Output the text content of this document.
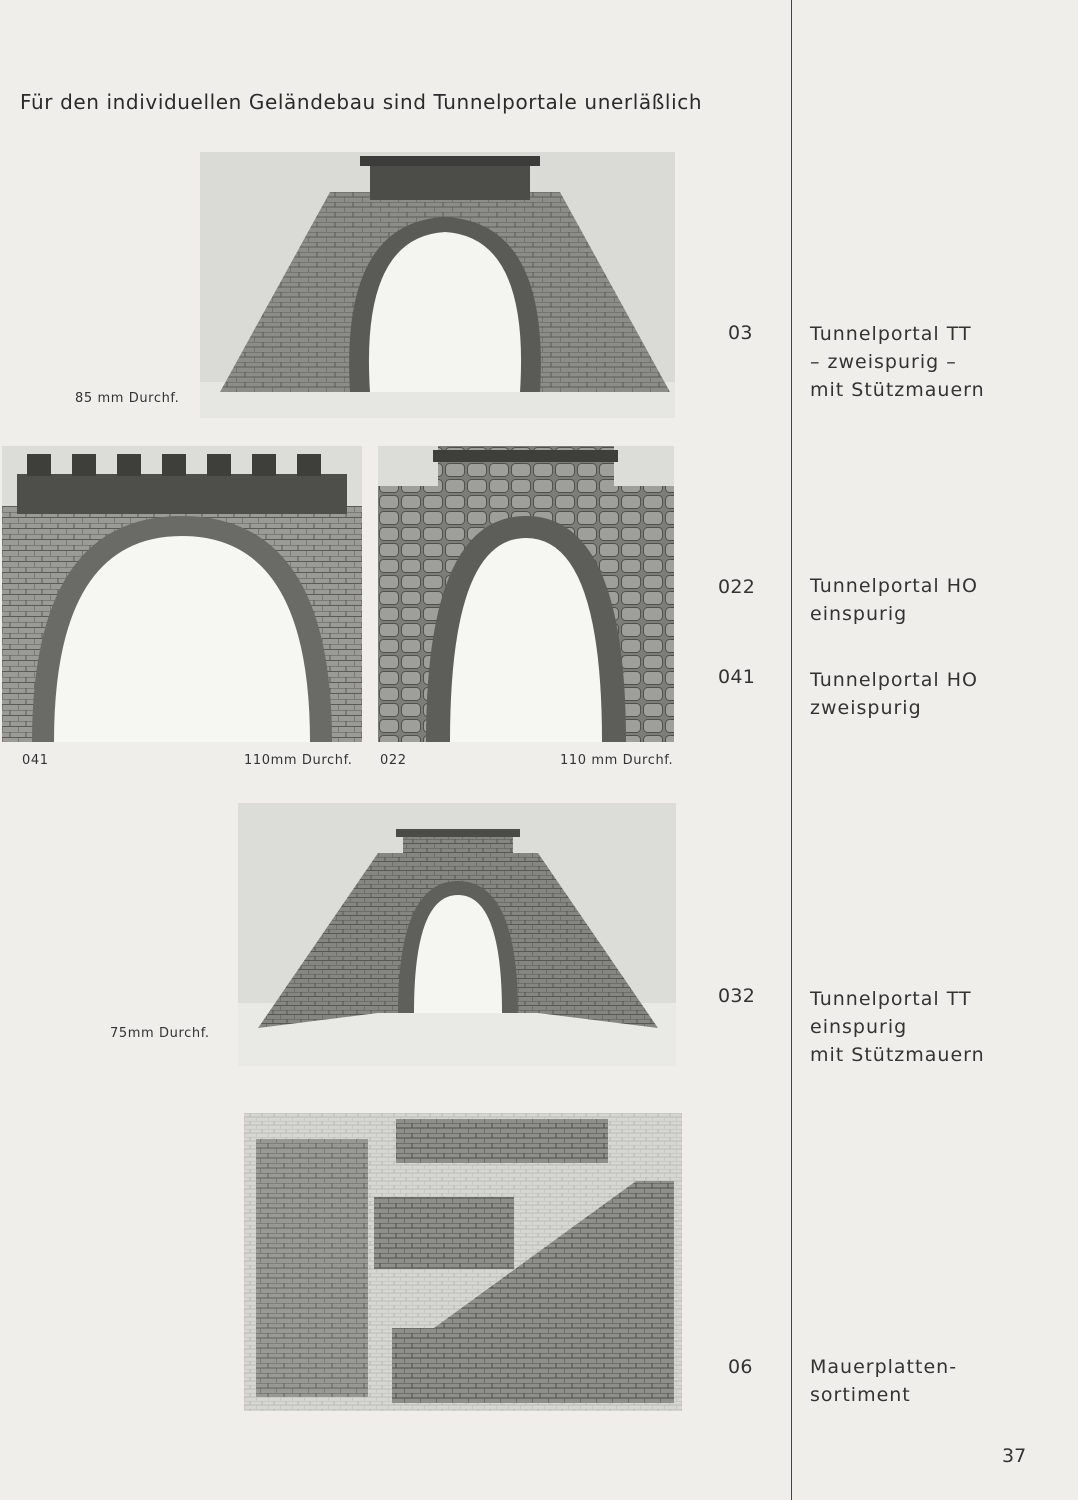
Für den individuellen Geländebau sind Tunnelportale unerläßlich
85 mm Durchf.
041	110mm Durchf. 022	110 mm Durchf.
75mm Durchf.
03
022
041
032
06
Tunnelportal TT
– zweispurig –
mit Stützmauern
Tunnelportal HO
einspurig
Tunnelportal HO
zweispurig
Tunnelportal TT
einspurig
mit Stützmauern
Mauerplatten-
sortiment
37
